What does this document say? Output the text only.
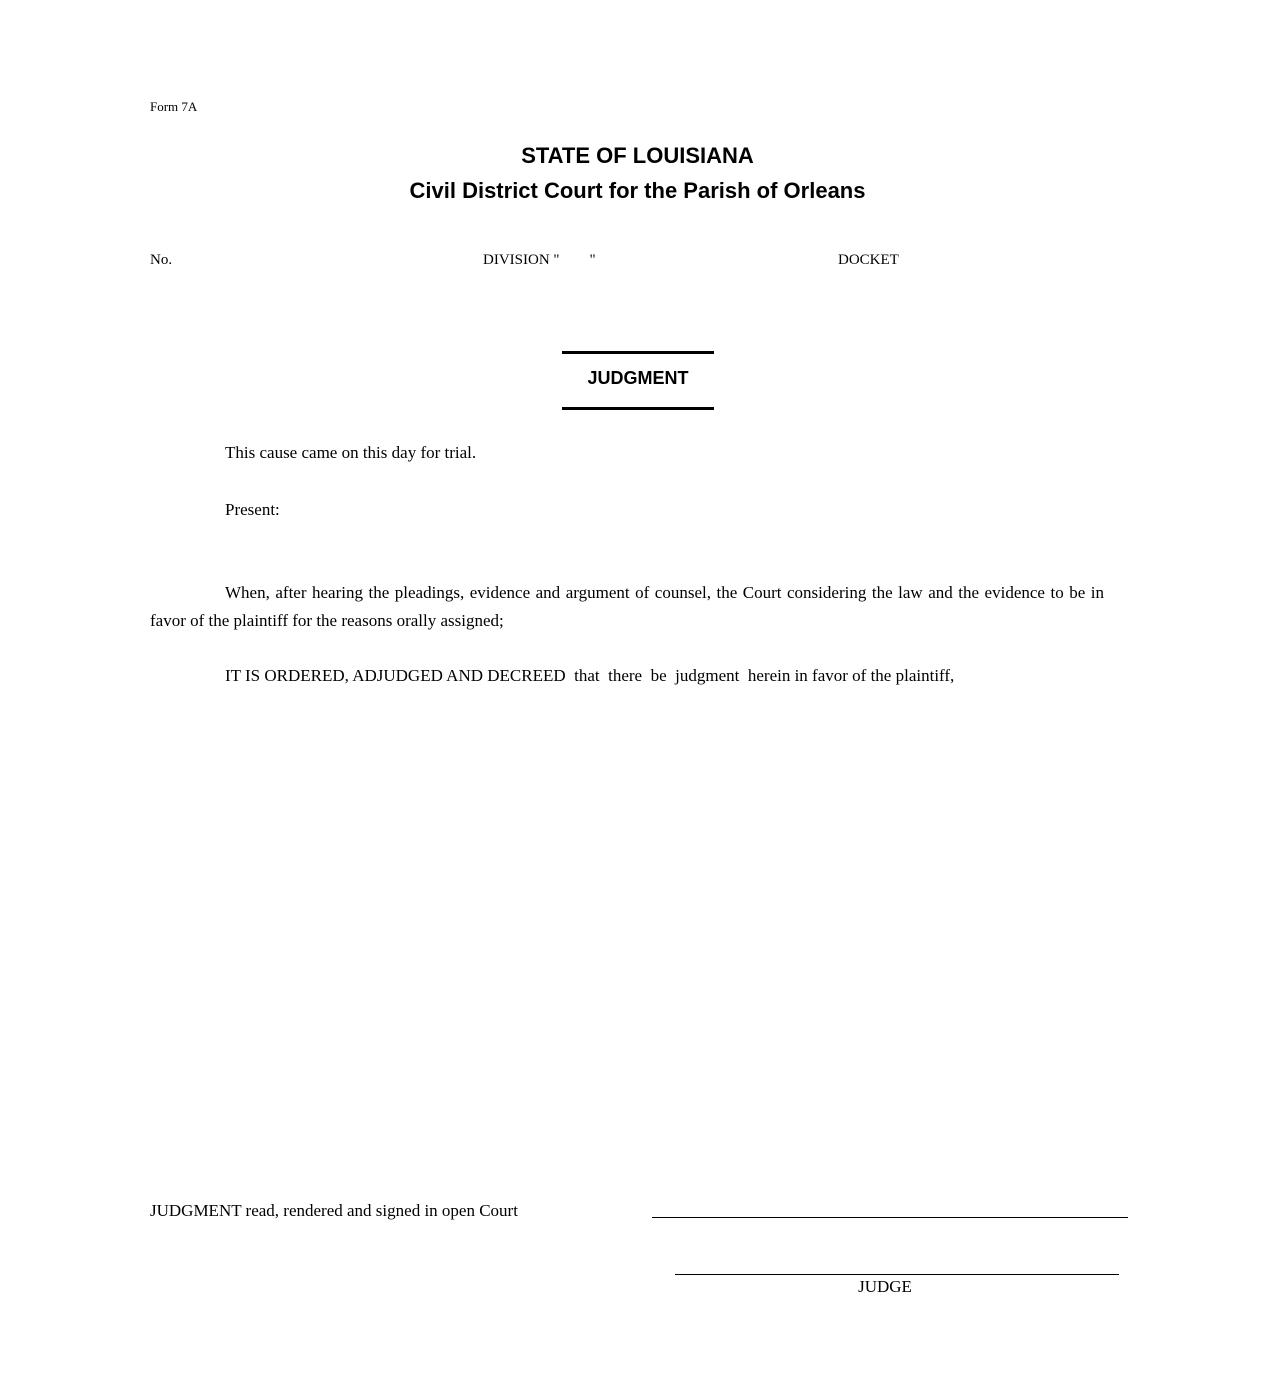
Form 7A
STATE OF LOUISIANA
Civil District Court for the Parish of Orleans
No.	DIVISION "        "	DOCKET
JUDGMENT
This cause came on this day for trial.
Present:
When, after hearing the pleadings, evidence and argument of counsel, the Court considering the law and the evidence to be in favor of the plaintiff for the reasons orally assigned;
IT IS ORDERED, ADJUDGED AND DECREED  that  there  be  judgment  herein in favor of the plaintiff,
JUDGMENT read, rendered and signed in open Court
JUDGE
